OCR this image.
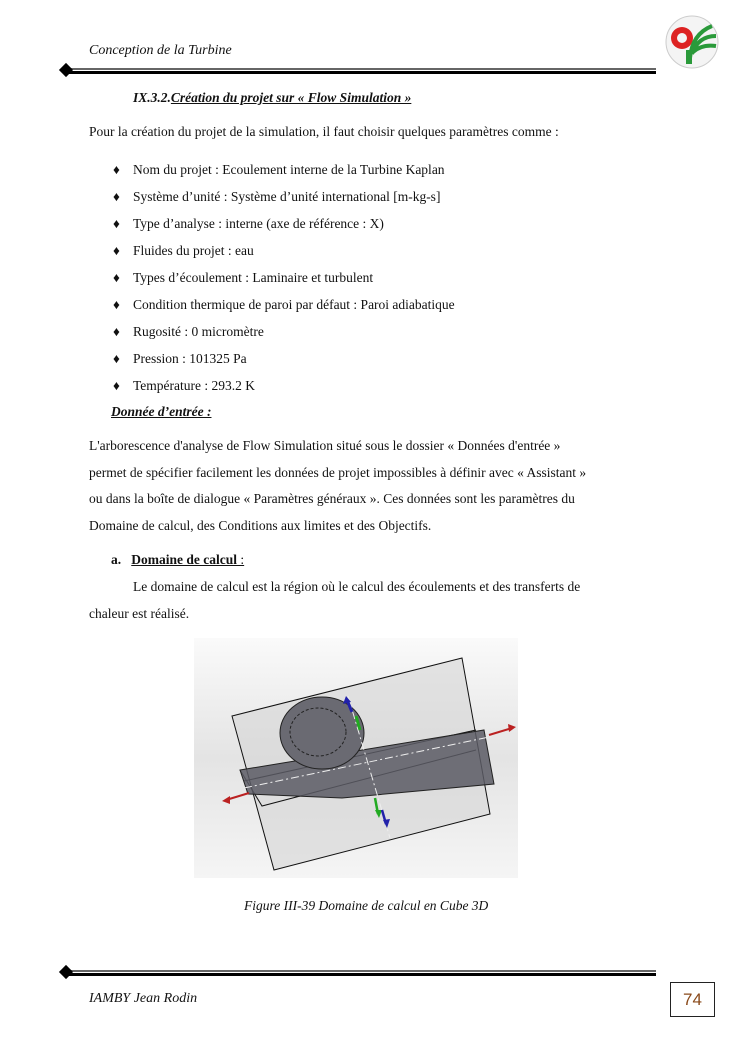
Conception de la Turbine
IX.3.2.Création du projet sur « Flow Simulation »
Pour la création du projet de la simulation, il faut choisir quelques paramètres comme :
♦ Nom du projet : Ecoulement interne de la Turbine Kaplan
♦ Système d’unité : Système d’unité international [m-kg-s]
♦ Type d’analyse : interne (axe de référence : X)
♦ Fluides du projet : eau
♦ Types d’écoulement : Laminaire et turbulent
♦ Condition thermique de paroi par défaut : Paroi adiabatique
♦ Rugosité : 0 micromètre
♦ Pression : 101325 Pa
♦ Température : 293.2 K
Donnée d’entrée :
L'arborescence d'analyse de Flow Simulation situé sous le dossier « Données d'entrée »
permet de spécifier facilement les données de projet impossibles à définir avec « Assistant »
ou dans la boîte de dialogue « Paramètres généraux ». Ces données sont les paramètres du
Domaine de calcul, des Conditions aux limites et des Objectifs.
a. Domaine de calcul :
Le domaine de calcul est la région où le calcul des écoulements et des transferts de
chaleur est réalisé.
Figure III-39 Domaine de calcul en Cube 3D
IAMBY Jean Rodin	74
